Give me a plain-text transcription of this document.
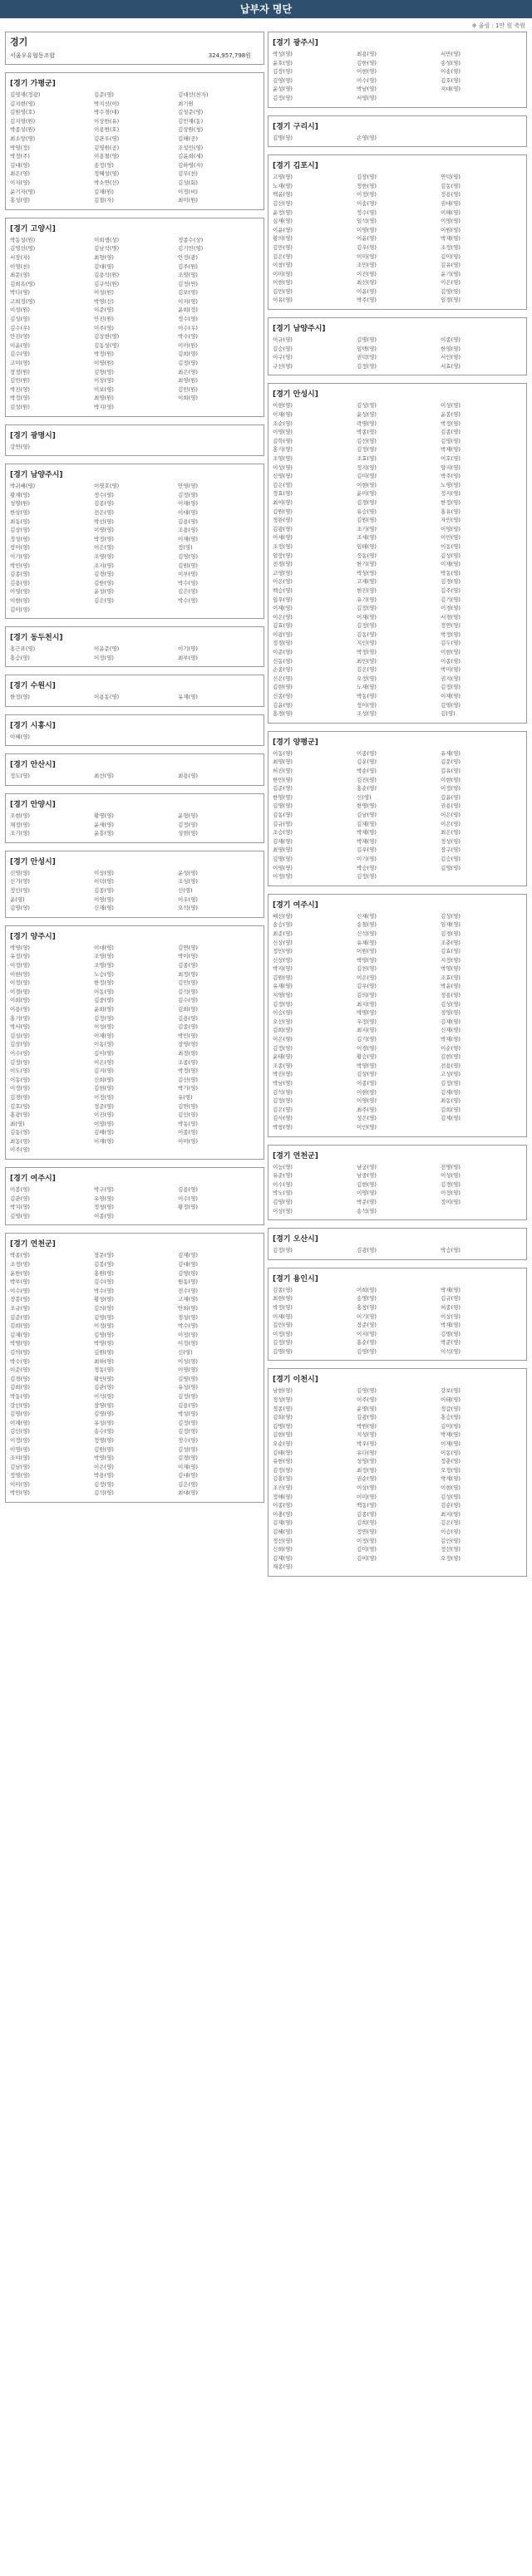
납부자 명단
※ 울림 : 1만 원 축원
경기
서울우유협동조합	324,957,798원
[경기 가평군]
김영재(정광)	김준(영)	김대선(천자)
김지현(영)	박지선(이)	최기원
김원영(호)	박수경(대)	김성준(영)
김지영(원)	이상한(유)	김민재(동)
박종성(원)	이용범(호)	김상원(청)
최소망(영)	김관우(영)	김해(공)
박영(정)	김영원(공)	조성민(영)
박정(주)	이용철(영)	김윤희(세)
김대(영)	송정(영)	김하영(자)
최은(영)	정혜성(영)	김무(천)
이지(영)	박소연(선)	김성(회)
윤기자(영)	김재(원)	이정(비)
홍성(영)	김철(자)	최미(원)
[경기 고양시]
박동성(원)	이희생(성)	정종수(상)
김영선(영)	김남석(명)	김기민(영)
서장(자)	최형(영)	안정(광)
이영(천)	김대(영)	김주(원)
최문(영)	김용석(원)	조영(영)
김희옥(영)	김구익(원)	김정(연)
박다(영)	이성(원)	김보(영)
고희정(영)	박영(선)	이지(영)
이성(원)	이준(영)	윤희(정)
김성(영)	안진(원)	정수(영)
김수(우)	이주(영)	이수(우)
안진(영)	김상현(영)	박수(영)
이윤(영)	김동성(영)	이미(원)
김수(영)	박정(원)	김희(영)
고미(영)	이영(원)	김정(영)
장정(원)	김형(영)	최은(영)
김민(원)	이상(영)	최영(원)
박진(영)	이보(영)	김민(원)
박정(영)	최영(원)	이희(영)
김성(원)	박지(영)
[경기 광명시]
강연(영)
[경기 남양주시]
박귀배(영)	이영호(영)	안영(영)
황재(영)	정수(영)	김정(영)
성명(원)	김종(영)	이채(영)
한상(영)	전은(영)	이대(영)
최동(영)	박선(영)	김용(영)
김상(영)	이영(영)	조용(영)
정성(영)	박정(영)	이재(영)
장미(영)	이은(영)	정(영)
이기(영)	조영(영)	김영(영)
박민(영)	조지(영)	김원(영)
김종(영)	김경(영)	이부(영)
김용(영)	김한(영)	박수(영)
이영(영)	윤성(영)	김은(영)
이현(영)	김은(영)	박수(영)
김미(영)
[경기 동두천시]
홍근표(영)	이윤준(영)	이기(영)
홍승(영)	이정(영)	최부(영)
[경기 수원시]
한정(영)	이용동(영)	유재(영)
[경기 시흥시]
이혜(영)
[경기 안산시]
정도(영)	최선(영)	최용(영)
[경기 안양시]
조현(영)	황영(영)	윤형(영)
채정(영)	윤세(영)	김정(영)
조기(영)	윤흥(영)	성현(영)
[경기 안성시]
신영(영)	이상(영)	윤성(영)
신기(영)	이덕(영)	조성(영)
정인(영)	김종(영)	신(영)
윤(영)	이영(영)	이우(영)
김영(영)	신재(영)	오석(영)
[경기 양주시]
박영(영)	이대(영)	김연(영)
유정(영)	조영(영)	박이(영)
이정(영)	조명(영)	김종(영)
이현(영)	노승(영)	최정(영)
이정(영)	한정(영)	김민(영)
이경(영)	이동(영)	김석(영)
이희(영)	김중(영)	김수(영)
이용(영)	윤희(영)	김희(영)
홍기(영)	김정(영)	김용(영)
박서(영)	이성(영)	김종(영)
김성(영)	이재(영)	박민(영)
김상(영)	이동(영)	장영(영)
이수(영)	김이(영)	최정(영)
김정(영)	이은(영)	조종(영)
이도(영)	김지(영)	박정(영)
이동(영)	신희(영)	김선(영)
이정(영)	김현(영)	박기(영)
김경(영)	이정(영)	유(영)
김호(영)	정준(영)	김연(영)
홍광(영)	이진(영)	김인(영)
최(영)	이영(영)	박동(영)
김동(영)	김해(영)	이종(영)
최동(영)	이재(영)	이미(영)
이주(영)
[경기 여주시]
이봉(영)	박구(영)	김용(영)
김관(영)	유영(영)	이수(영)
박치(영)	정청(영)	황정(영)
김영(영)	이종(영)
[경기 연천군]
박종(영)	장문(영)	김재(영)
조정(영)	김봉(영)	김대(영)
윤한(영)	홍원(영)	김영(영)
박부(영)	김수(영)	원동(영)
이수(영)	박수(영)	전수(영)
정봉(영)	황성(영)	고재(영)
조규(영)	김의(영)	안희(영)
김준(영)	김영(영)	정성(영)
김희(영)	이정(영)	박수(영)
김재(영)	김영(영)	이정(영)
박명(영)	박영(영)	이정(영)
김익(영)	김원(영)	신(영)
박수(영)	최하(영)	이성(영)
이준(영)	정동(영)	이영(영)
김경(영)	황인(영)	김영(영)
김희(영)	김관(영)	유성(영)
박동(영)	이석(영)	김정(영)
강인(영)	장영(영)	김용(영)
김영(영)	김영(영)	박성(영)
이재(영)	유성(영)	김정(영)
김인(영)	송수(영)	김정(영)
이정(영)	정영(영)	정수(영)
이영(영)	김원(영)	김성(영)
조미(영)	박영(영)	김경(영)
김남(영)	이은(영)	이재(영)
정영(영)	박용(영)	김대(영)
이미(영)	김정(영)	김은(영)
박민(영)	김석(영)	최대(영)
[경기 광주시]
박성(영)	최용(영)	서만(영)
윤호(영)	김한(영)	송성(영)
김장(영)	이현(영)	이송(영)
김영(영)	이수(영)	김호(영)
윤성(영)	박남(영)	지대(영)
김정(영)	서영(영)
[경기 구리시]
김명(영)	손영(영)
[경기 김포시]
고영(영)	김장(영)	연덕(영)
노재(영)	정한(영)	김동(영)
백윤(영)	이정(영)	정용(영)
김선(영)	이송(영)	권대(영)
윤정(영)	정수(영)	이해(영)
심재(영)	임석(영)	이영(영)
이윤(영)	이영(영)	이원(영)
황의(영)	이윤(영)	박재(영)
김만(영)	김우(영)	조정(영)
김은(영)	이미(영)	김미(영)
이창(영)	조민(영)	김유(영)
이미(영)	이진(영)	윤기(영)
이현(영)	최선(영)	이은(영)
김민(영)	이윤(영)	김영(영)
이유(영)	박주(영)	임경(영)
[경기 남양주시]
이규(영)	김명(영)	이종(영)
김승(영)	임택(영)	한영(영)
이구(영)	권덕(영)	서인(영)
구선(영)	김정(영)	서효(영)
[경기 안성시]
이현(영)	김성(영)	이성(영)
이재(영)	윤성(영)	윤봉(영)
조순(영)	곽명(영)	박정(영)
이영(영)	박종(영)	김종(영)
김학(영)	김선(영)	김영(영)
홍기(영)	김정(영)	박재(영)
조영(영)	조효(영)	이호(영)
이성(영)	정지(영)	양지(영)
신영(영)	김미(영)	박주(영)
김은(영)	이현(영)	노영(영)
정효(영)	윤미(영)	정지(영)
최이(영)	김경(영)	한정(영)
김원(영)	유승(영)	홍유(영)
정완(영)	김원(영)	자민(영)
김광(영)	조기(영)	이영(영)
이세(영)	조세(영)	이민(영)
조정(영)	임태(영)	이동(영)
엄장(영)	정동(영)	김성(영)
전경(영)	한기(영)	이재(영)
고영(영)	박성(영)	박동(영)
이은(영)	고재(영)	김경(영)
백승(영)	현진(영)	김주(영)
임우(영)	유기(영)	김기(영)
이재(영)	김정(영)	이경(영)
이은(영)	이재(영)	서경(영)
김효(영)	김정(영)	정연(영)
이광(영)	김동(영)	박정(영)
정경(영)	지인(영)	김두(영)
이준(영)	박정(영)	이현(영)
신동(영)	최민(영)	이종(영)
손종(영)	김은(영)	박미(영)
신은(영)	오정(영)	권지(영)
김현(영)	노재(영)	김정(영)
신종(영)	박동(영)	이재(영)
김윤(영)	정이(영)	김영(영)
홍경(영)	조성(영)	김(영)
[경기 양평군]
이동(영)	이종(영)	유재(영)
최영(영)	김운(영)	김문(영)
허진(영)	박순(영)	김유(영)
한민(영)	김진(영)	이현(영)
김준(영)	홍순(영)	이정(영)
한영(영)	신(영)	김윤(영)
김명(영)	한명(영)	권용(영)
김동(영)	김남(영)	이은(영)
김규(영)	김재(영)	이은(영)
조승(영)	박재(영)	최은(영)
김재(영)	박재(영)	정성(영)
최영(영)	김우(영)	장구(영)
김명(영)	이기(영)	김승(영)
이영(영)	박승(영)	김영(영)
이정(영)	김정(영)
[경기 여주시]
배선(영)	신재(영)	김성(영)
송승(영)	송철(영)	임재(영)
최준(영)	신석(영)	김경(영)
신상(영)	유재(영)	조춘(영)
정민(영)	이원(영)	김효(영)
신상(영)	박영(영)	지정(영)
박지(영)	김천(영)	박영(영)
김원(영)	이은(영)	조효(영)
유재(영)	김우(영)	박윤(영)
지영(영)	김의(영)	정용(영)
김정(영)	최지(영)	김성(영)
이승(영)	박명(영)	정영(영)
오선(영)	우정(영)	김재(영)
김희(영)	최지(영)	신재(영)
이은(영)	김기(영)	박재(영)
김정(영)	이경(영)	이순(영)
윤태(영)	황승(영)	김현(영)
조종(영)	박영(영)	전용(영)
박진(영)	김상(영)	고성(영)
박남(영)	이종(영)	김정(영)
김석(영)	이현(영)	김재(영)
김정(영)	이영(영)	최동(영)
김은(영)	최주(영)	김희(영)
김사(영)	성은(영)	김제(영)
박창(영)	이인(영)
[경기 연천군]
이능(영)	남궁(영)	전명(영)
유준(영)	남중(영)	이성(영)
이수(영)	김현(영)	김경(영)
박노(영)	이영(영)	이정(영)
김영(영)	박준(영)	정미(영)
이상(영)	송석(영)
[경기 오산시]
김정(영)	김광(영)	박승(영)
[경기 용인시]
김종(영)	이희(영)	박재(영)
최현(영)	송명(영)	김규(영)
박정(영)	홍창(영)	허종(영)
이재(영)	이기(영)	이상(영)
김민(영)	장준(영)	박재(영)
이정(영)	이지(영)	김명(영)
김정(영)	홍순(영)	박준(영)
김명(영)	김영(영)	이석(영)
[경기 이천시]
남현(영)	김영(영)	강보(영)
정성(영)	이주(영)	이태(영)
정종(영)	윤명(영)	정갑(영)
김희(영)	김광(영)	홍승(영)
김명(영)	박원(영)	김미(영)
김현(영)	지성(영)	박재(영)
오순(영)	박우(영)	이재(영)
김태(영)	유다(영)	이동(영)
유한(영)	성영(영)	정춘(영)
김정(영)	최정(영)	오정(영)
김홍(영)	권순(영)	박계(영)
조진(영)	이상(영)	이현(영)
정해(영)	이미(영)	김성(영)
이종(영)	백동(영)	김순(영)
이충(영)	김종(영)	최지(영)
김재(영)	김희(영)	김은(영)
김혜(영)	정연(영)	이승(영)
정선(영)	이정(영)	김인(영)
신희(영)	김미(영)	정선(영)
김재(영)	김미(영)	오정(영)
채종(영)
